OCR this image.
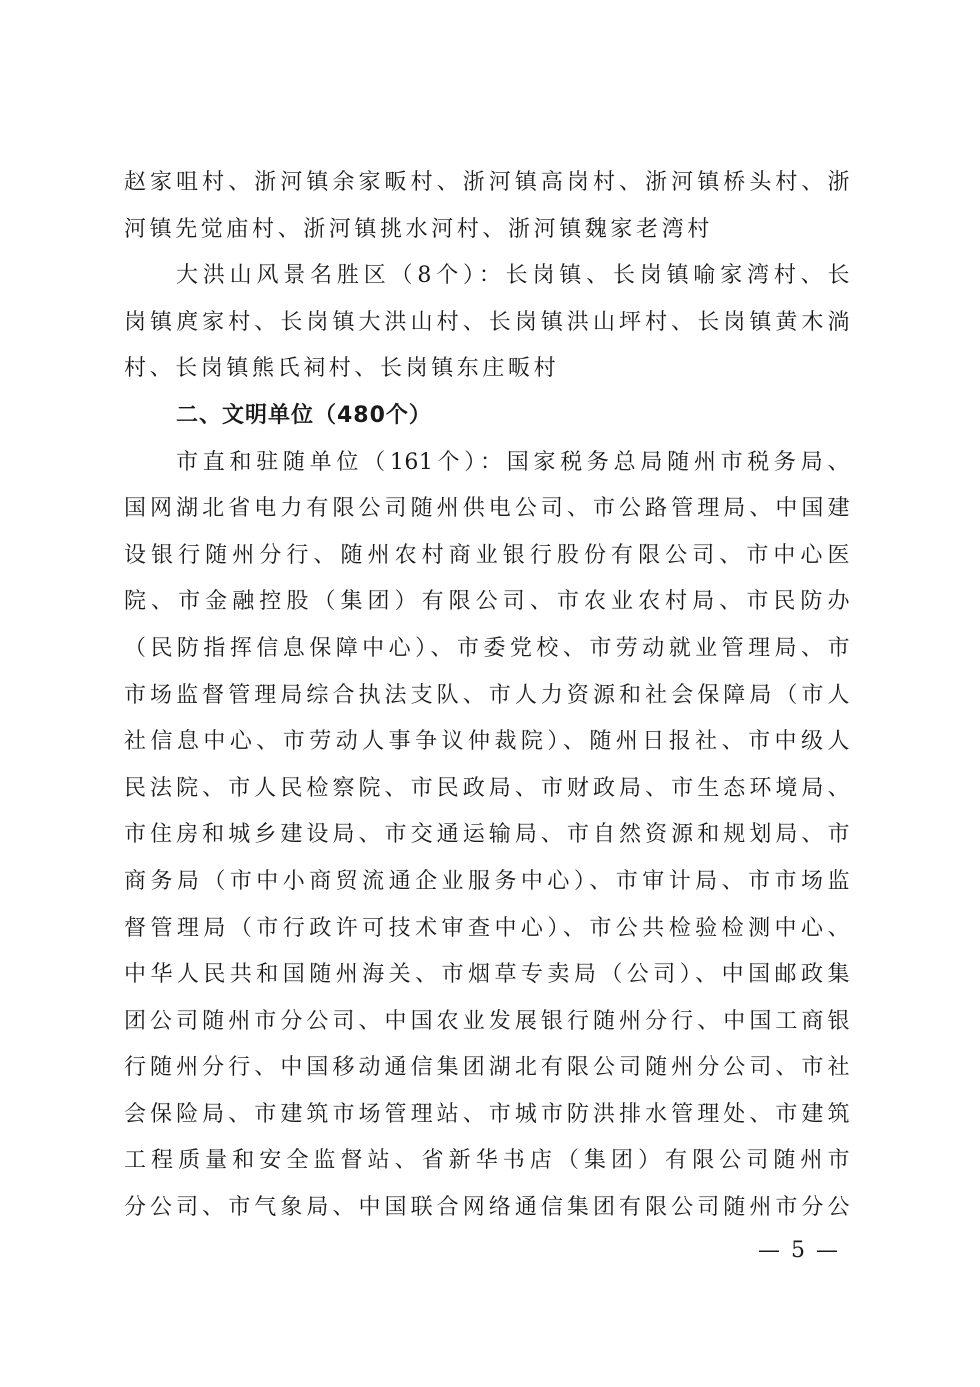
赵家咀村、浙河镇余家畈村、浙河镇高岗村、浙河镇桥头村、浙
河镇先觉庙村、浙河镇挑水河村、浙河镇魏家老湾村
大洪山风景名胜区（8个）：长岗镇、长岗镇喻家湾村、长
岗镇庹家村、长岗镇大洪山村、长岗镇洪山坪村、长岗镇黄木淌
村、长岗镇熊氏祠村、长岗镇东庄畈村
二、文明单位（480个）
市直和驻随单位（161个）：国家税务总局随州市税务局、
国网湖北省电力有限公司随州供电公司、市公路管理局、中国建
设银行随州分行、随州农村商业银行股份有限公司、市中心医
院、市金融控股（集团）有限公司、市农业农村局、市民防办
（民防指挥信息保障中心）、市委党校、市劳动就业管理局、市
市场监督管理局综合执法支队、市人力资源和社会保障局（市人
社信息中心、市劳动人事争议仲裁院）、随州日报社、市中级人
民法院、市人民检察院、市民政局、市财政局、市生态环境局、
市住房和城乡建设局、市交通运输局、市自然资源和规划局、市
商务局（市中小商贸流通企业服务中心）、市审计局、市市场监
督管理局（市行政许可技术审查中心）、市公共检验检测中心、
中华人民共和国随州海关、市烟草专卖局（公司）、中国邮政集
团公司随州市分公司、中国农业发展银行随州分行、中国工商银
行随州分行、中国移动通信集团湖北有限公司随州分公司、市社
会保险局、市建筑市场管理站、市城市防洪排水管理处、市建筑
工程质量和安全监督站、省新华书店（集团）有限公司随州市
分公司、市气象局、中国联合网络通信集团有限公司随州市分公
— 5 —
